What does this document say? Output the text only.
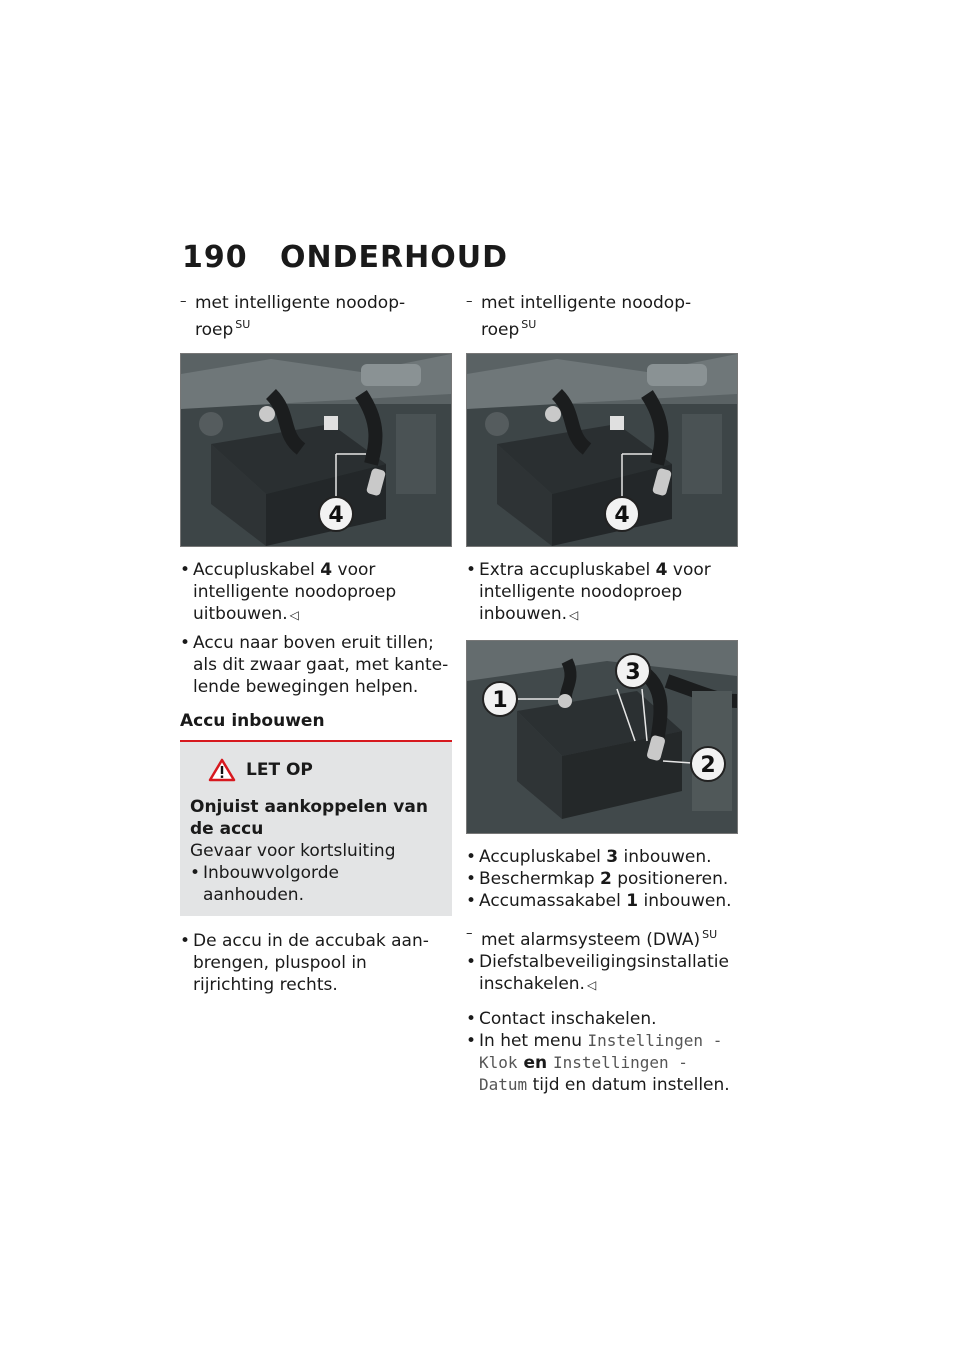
190 ONDERHOUD
– met intelligente noodop-roep $^{SU}$
4
• Accupluskabel 4 voor intelligente noodoproep uitbouwen. ◁
• Accu naar boven eruit tillen; als dit zwaar gaat, met kante-lende bewegingen helpen.
Accu inbouwen
LET OP
Onjuist aankoppelen van de accu
Gevaar voor kortsluiting
• Inbouwvolgorde aanhouden.
• De accu in de accubak aan-brengen, pluspool in rijrichting rechts.
– met intelligente noodop-roep $^{SU}$
4
• Extra accupluskabel 4 voor intelligente noodoproep inbouwen. ◁
1
3
2
• Accupluskabel 3 inbouwen.
• Beschermkap 2 positioneren.
• Accumassakabel 1 inbouwen.
– met alarmsysteem (DWA) $^{SU}$
• Diefstalbeveiligingsinstallatie inschakelen. ◁
• Contact inschakelen.
• In het menu Instellingen - Klok en Instellingen - Datum tijd en datum instellen.
